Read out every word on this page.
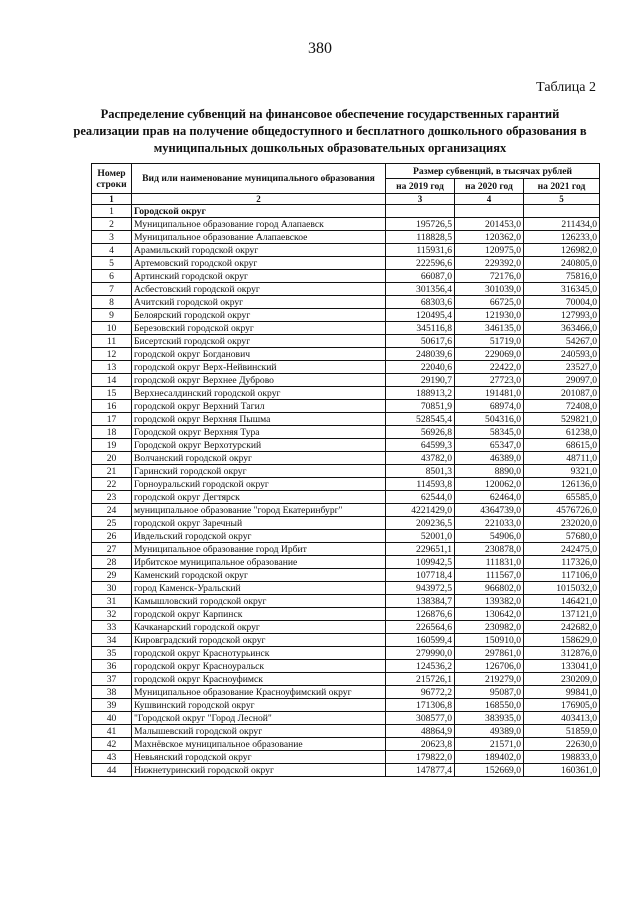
380
Таблица 2
Распределение субвенций на финансовое обеспечение государственных гарантий реализации прав на получение общедоступного и бесплатного дошкольного образования в муниципальных дошкольных образовательных организациях
Номер строки	Вид или наименование муниципального образования	Размер субвенций, в тысячах рублей		
		на 2019 год	на 2020 год	на 2021 год
1	2	3	4	5
1	Городской округ			
2	Муниципальное образование город Алапаевск	195726,5	201453,0	211434,0
3	Муниципальное образование Алапаевское	118828,5	120362,0	126233,0
4	Арамильский городской округ	115931,6	120975,0	126982,0
5	Артемовский городской округ	222596,6	229392,0	240805,0
6	Артинский городской округ	66087,0	72176,0	75816,0
7	Асбестовский городской округ	301356,4	301039,0	316345,0
8	Ачитский городской округ	68303,6	66725,0	70004,0
9	Белоярский городской округ	120495,4	121930,0	127993,0
10	Березовский городской округ	345116,8	346135,0	363466,0
11	Бисертский городской округ	50617,6	51719,0	54267,0
12	городской округ Богданович	248039,6	229069,0	240593,0
13	городской округ Верх-Нейвинский	22040,6	22422,0	23527,0
14	городской округ Верхнее Дуброво	29190,7	27723,0	29097,0
15	Верхнесалдинский городской округ	188913,2	191481,0	201087,0
16	городской округ Верхний Тагил	70851,9	68974,0	72408,0
17	городской округ Верхняя Пышма	528545,4	504316,0	529821,0
18	Городской округ Верхняя Тура	56926,8	58345,0	61238,0
19	Городской округ Верхотурский	64599,3	65347,0	68615,0
20	Волчанский городской округ	43782,0	46389,0	48711,0
21	Гаринский городской округ	8501,3	8890,0	9321,0
22	Горноуральский городской округ	114593,8	120062,0	126136,0
23	городской округ Дегтярск	62544,0	62464,0	65585,0
24	муниципальное образование "город Екатеринбург"	4221429,0	4364739,0	4576726,0
25	городской округ Заречный	209236,5	221033,0	232020,0
26	Ивдельский городской округ	52001,0	54906,0	57680,0
27	Муниципальное образование город Ирбит	229651,1	230878,0	242475,0
28	Ирбитское муниципальное образование	109942,5	111831,0	117326,0
29	Каменский городской округ	107718,4	111567,0	117106,0
30	город Каменск-Уральский	943972,5	966802,0	1015032,0
31	Камышловский городской округ	138384,7	139382,0	146421,0
32	городской округ Карпинск	126876,6	130642,0	137121,0
33	Качканарский городской округ	226564,6	230982,0	242682,0
34	Кировградский городской округ	160599,4	150910,0	158629,0
35	городской округ Краснотурьинск	279990,0	297861,0	312876,0
36	городской округ Красноуральск	124536,2	126706,0	133041,0
37	городской округ Красноуфимск	215726,1	219279,0	230209,0
38	Муниципальное образование Красноуфимский округ	96772,2	95087,0	99841,0
39	Кушвинский городской округ	171306,8	168550,0	176905,0
40	"Городской округ "Город Лесной"	308577,0	383935,0	403413,0
41	Малышевский городской округ	48864,9	49389,0	51859,0
42	Махнёвское муниципальное образование	20623,8	21571,0	22630,0
43	Невьянский городской округ	179822,0	189402,0	198833,0
44	Нижнетуринский городской округ	147877,4	152669,0	160361,0
